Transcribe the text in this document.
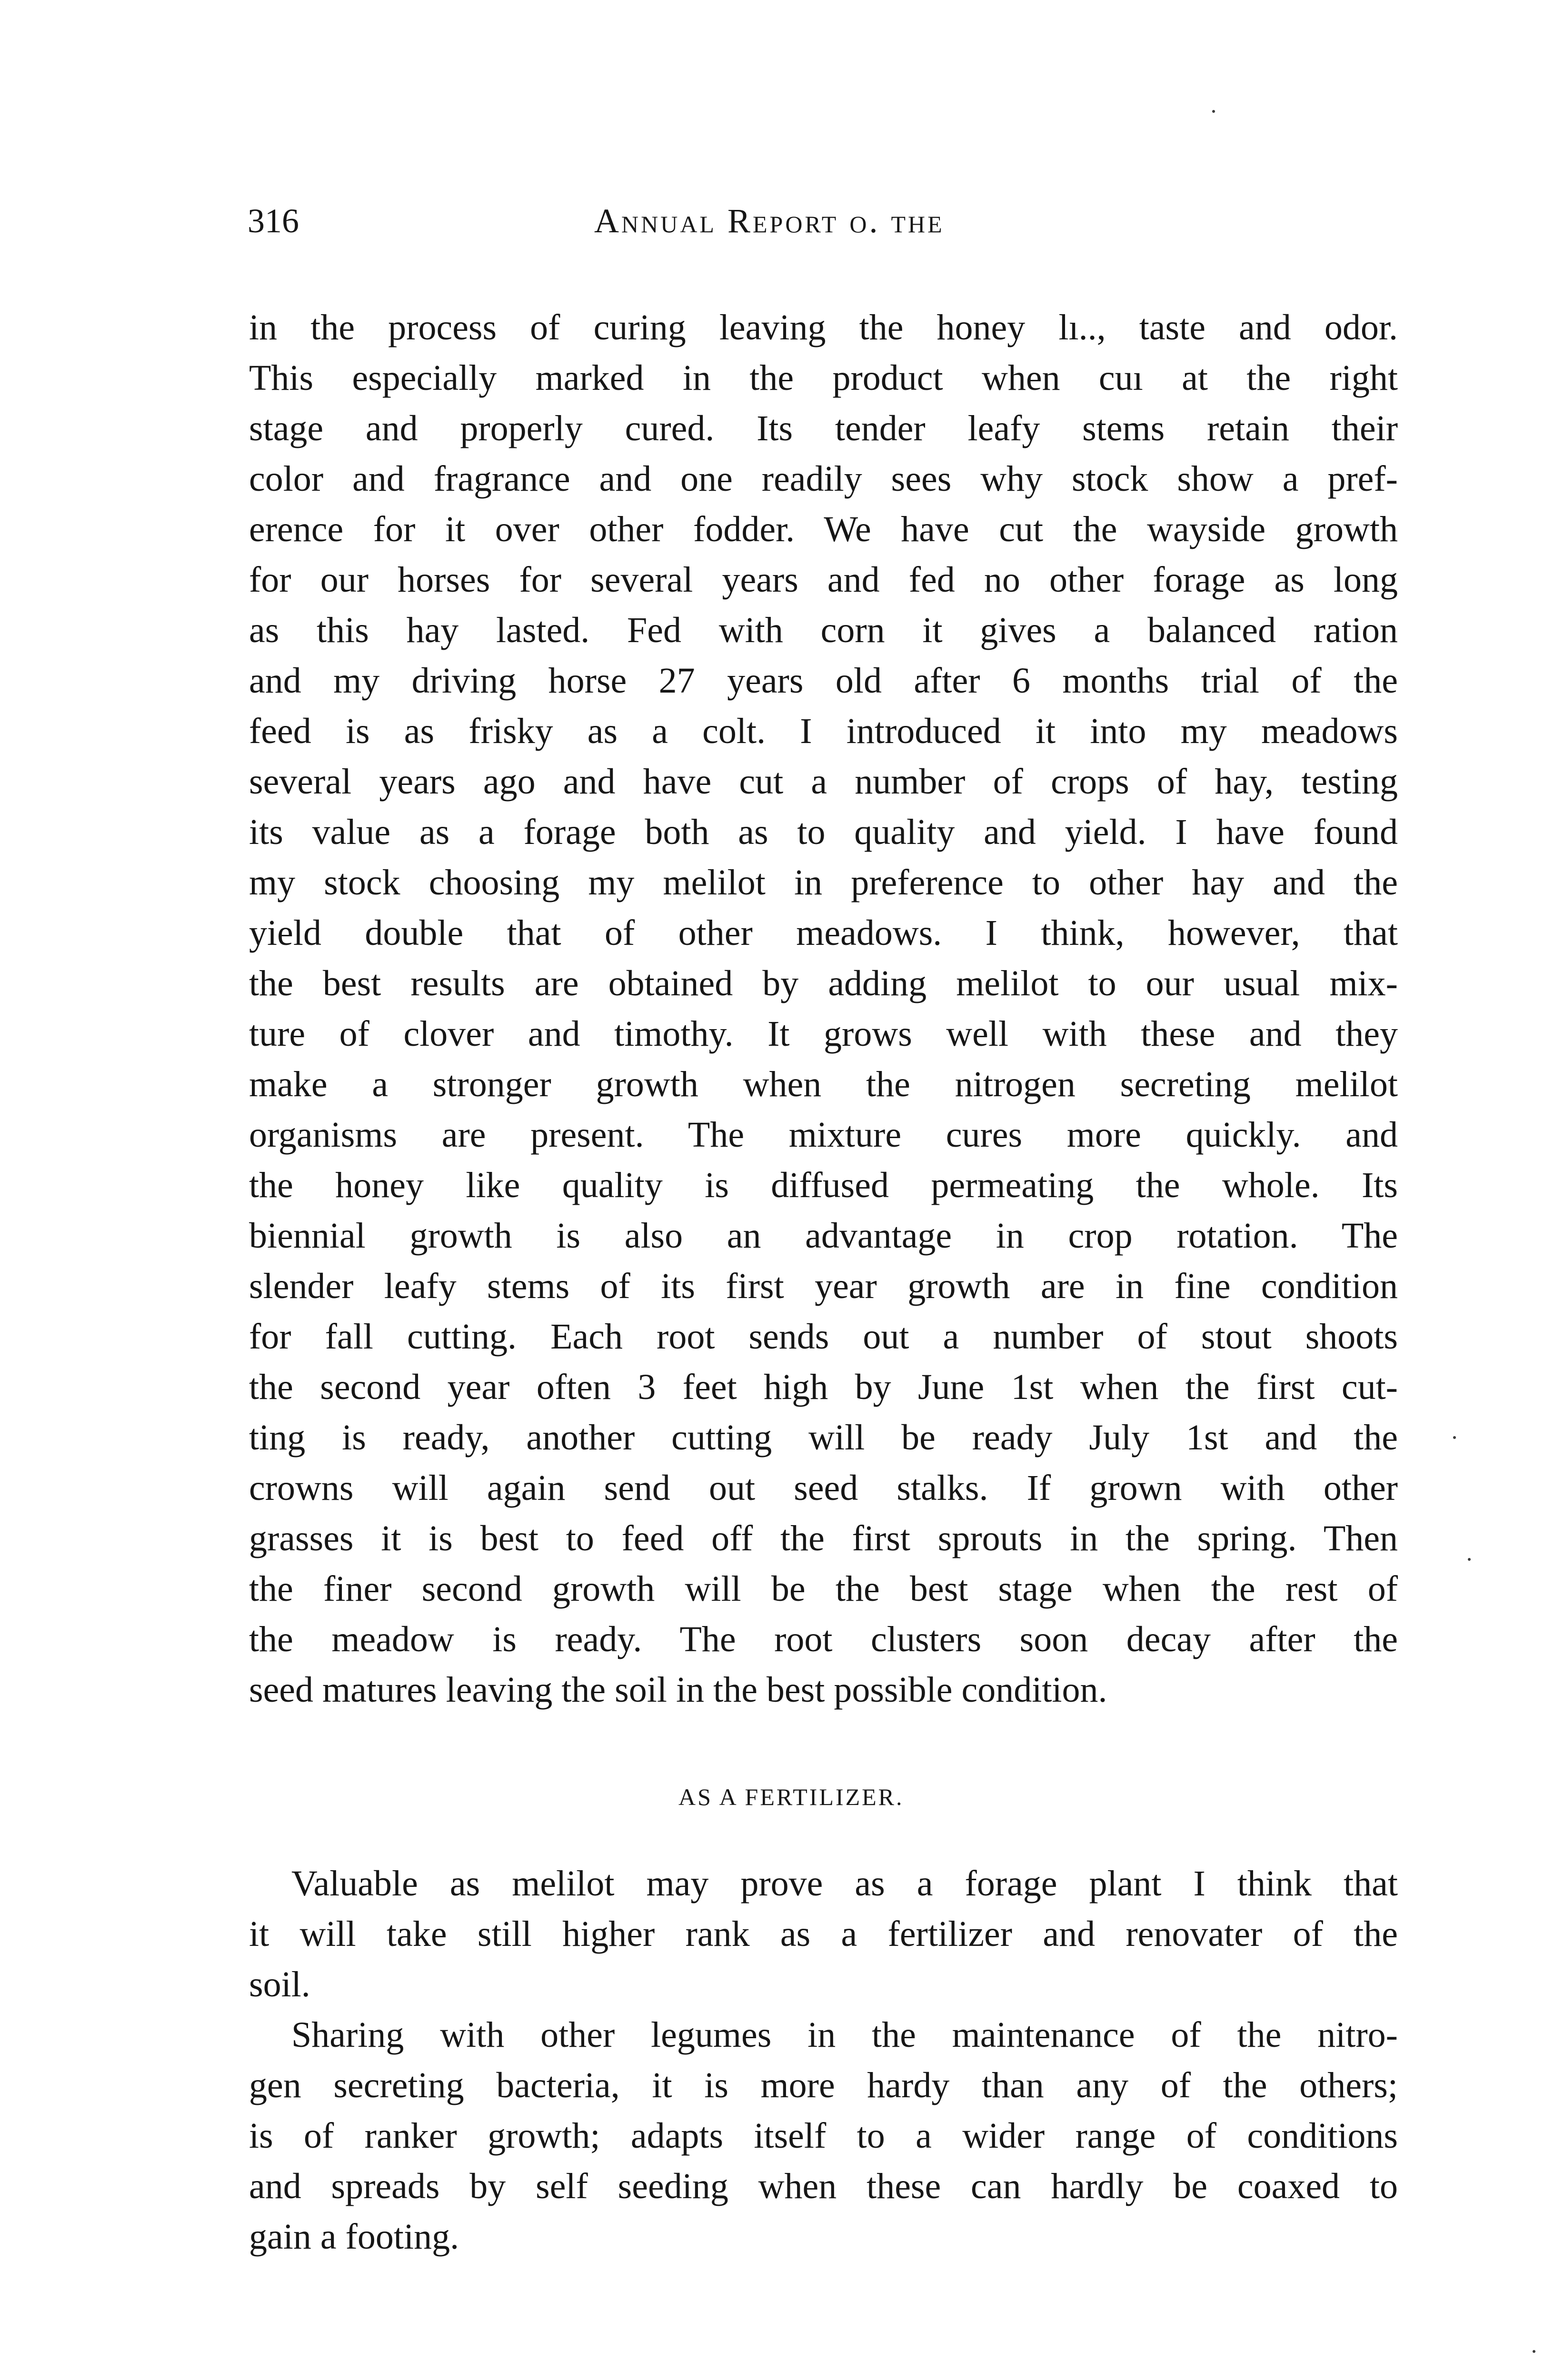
316	Annual Report o. the
in the process of curing leaving the honey lı.., taste and odor.
This especially marked in the product when cuı at the right
stage and properly cured. Its tender leafy stems retain their
color and fragrance and one readily sees why stock show a pref-
erence for it over other fodder. We have cut the wayside growth
for our horses for several years and fed no other forage as long
as this hay lasted. Fed with corn it gives a balanced ration
and my driving horse 27 years old after 6 months trial of the
feed is as frisky as a colt. I introduced it into my meadows
several years ago and have cut a number of crops of hay, testing
its value as a forage both as to quality and yield. I have found
my stock choosing my melilot in preference to other hay and the
yield double that of other meadows. I think, however, that
the best results are obtained by adding melilot to our usual mix-
ture of clover and timothy. It grows well with these and they
make a stronger growth when the nitrogen secreting melilot
organisms are present. The mixture cures more quickly. and
the honey like quality is diffused permeating the whole. Its
biennial growth is also an advantage in crop rotation. The
slender leafy stems of its first year growth are in fine condition
for fall cutting. Each root sends out a number of stout shoots
the second year often 3 feet high by June 1st when the first cut-
ting is ready, another cutting will be ready July 1st and the
crowns will again send out seed stalks. If grown with other
grasses it is best to feed off the first sprouts in the spring. Then
the finer second growth will be the best stage when the rest of
the meadow is ready. The root clusters soon decay after the
seed matures leaving the soil in the best possible condition.
AS A FERTILIZER.
Valuable as melilot may prove as a forage plant I think that
it will take still higher rank as a fertilizer and renovater of the
soil.
Sharing with other legumes in the maintenance of the nitro-
gen secreting bacteria, it is more hardy than any of the others;
is of ranker growth; adapts itself to a wider range of conditions
and spreads by self seeding when these can hardly be coaxed to
gain a footing.
